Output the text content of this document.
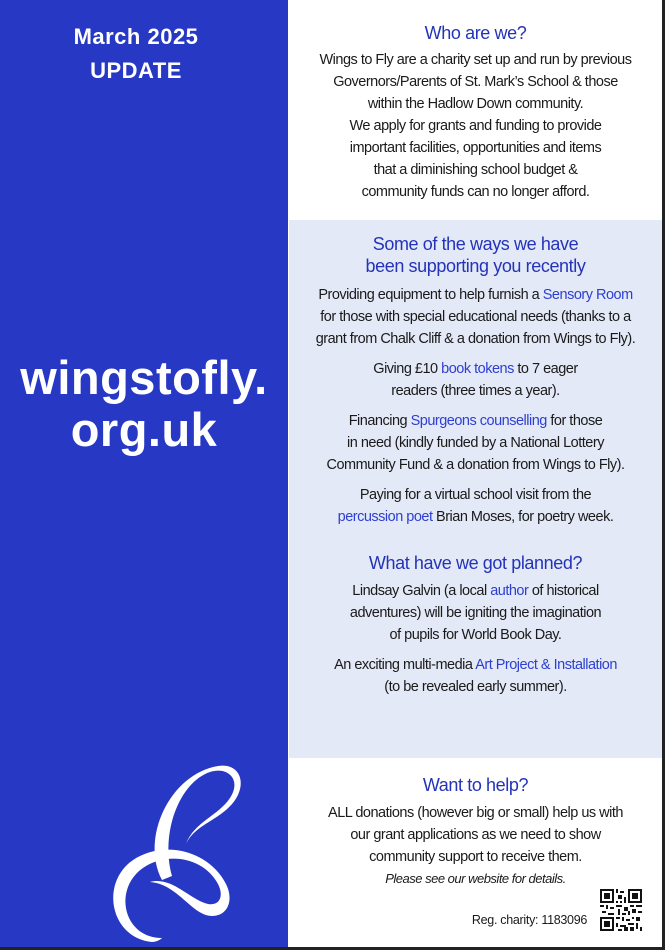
March 2025
UPDATE
wingstofly.
org.uk
Who are we?

Wings to Fly are a charity set up and run by previous

Governors/Parents of St. Mark’s School & those

within the Hadlow Down community.

We apply for grants and funding to provide

important facilities, opportunities and items

that a diminishing school budget &

community funds can no longer afford.

Some of the ways we have
been supporting you recently

Providing equipment to help furnish a Sensory Room

for those with special educational needs (thanks to a

grant from Chalk Cliff & a donation from Wings to Fly).

Giving £10 book tokens to 7 eager

readers (three times a year).

Financing Spurgeons counselling for those

in need (kindly funded by a National Lottery

Community Fund & a donation from Wings to Fly).

Paying for a virtual school visit from the

percussion poet Brian Moses, for poetry week.

What have we got planned?

Lindsay Galvin (a local author of historical

adventures) will be igniting the imagination

of pupils for World Book Day.

An exciting multi-media Art Project & Installation

(to be revealed early summer).

Want to help?

ALL donations (however big or small) help us with

our grant applications as we need to show

community support to receive them.

Please see our website for details.

Reg. charity: 1183096
